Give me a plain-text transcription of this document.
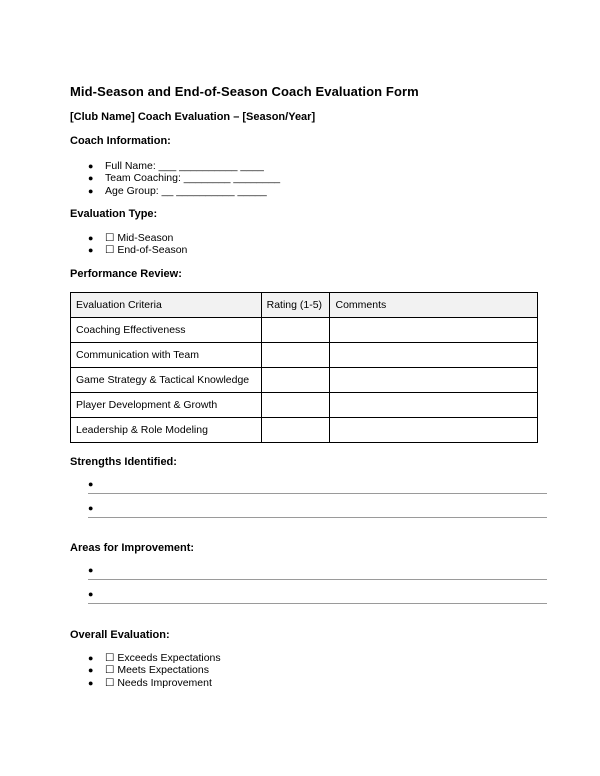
Mid-Season and End-of-Season Coach Evaluation Form
[Club Name] Coach Evaluation – [Season/Year]
Coach Information:
● Full Name: ___ __________ ____
● Team Coaching: ________ ________
● Age Group: __ __________ _____
Evaluation Type:
● ☐ Mid-Season
● ☐ End-of-Season
Performance Review:
Evaluation Criteria	Rating (1-5)	Comments
Coaching Effectiveness		
Communication with Team		
Game Strategy & Tactical Knowledge		
Player Development & Growth		
Leadership & Role Modeling		
Strengths Identified:
●
●
Areas for Improvement:
●
●
Overall Evaluation:
● ☐ Exceeds Expectations
● ☐ Meets Expectations
● ☐ Needs Improvement
